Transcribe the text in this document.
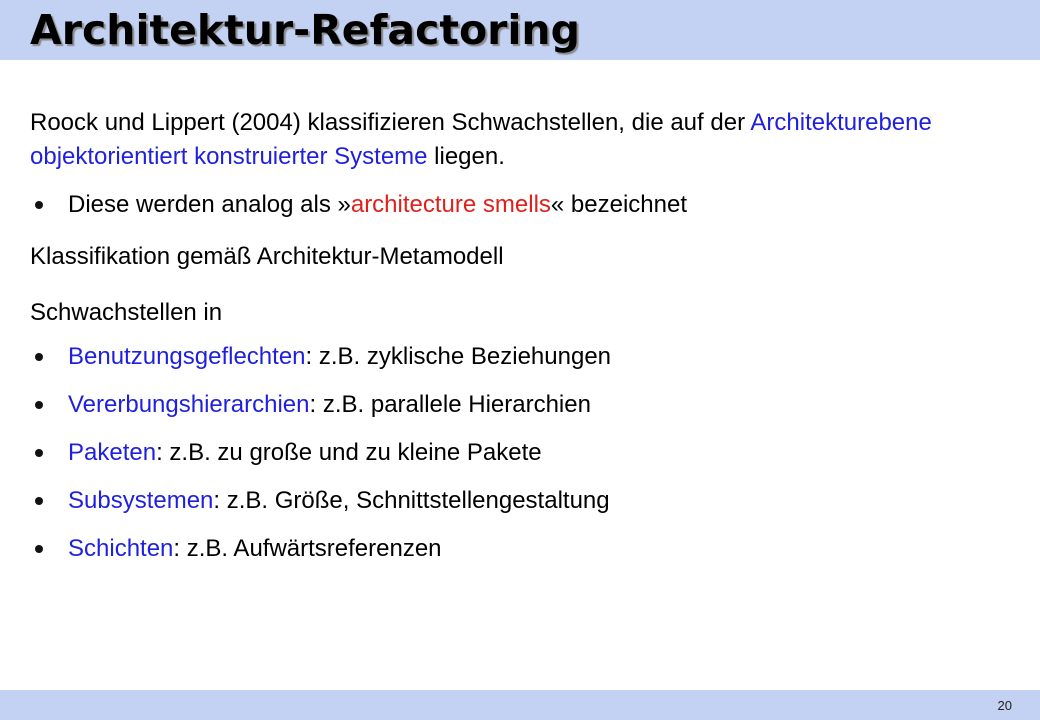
Architektur-Refactoring

Roock und Lippert (2004) klassifizieren Schwachstellen, die auf der Architekturebene objektorientiert konstruierter Systeme liegen.

Diese werden analog als »architecture smells« bezeichnet

Klassifikation gemäß Architektur-Metamodell

Schwachstellen in

Benutzungsgeflechten: z.B. zyklische Beziehungen

Vererbungshierarchien: z.B. parallele Hierarchien

Paketen: z.B. zu große und zu kleine Pakete

Subsystemen: z.B. Größe, Schnittstellengestaltung

Schichten: z.B. Aufwärtsreferenzen

20
